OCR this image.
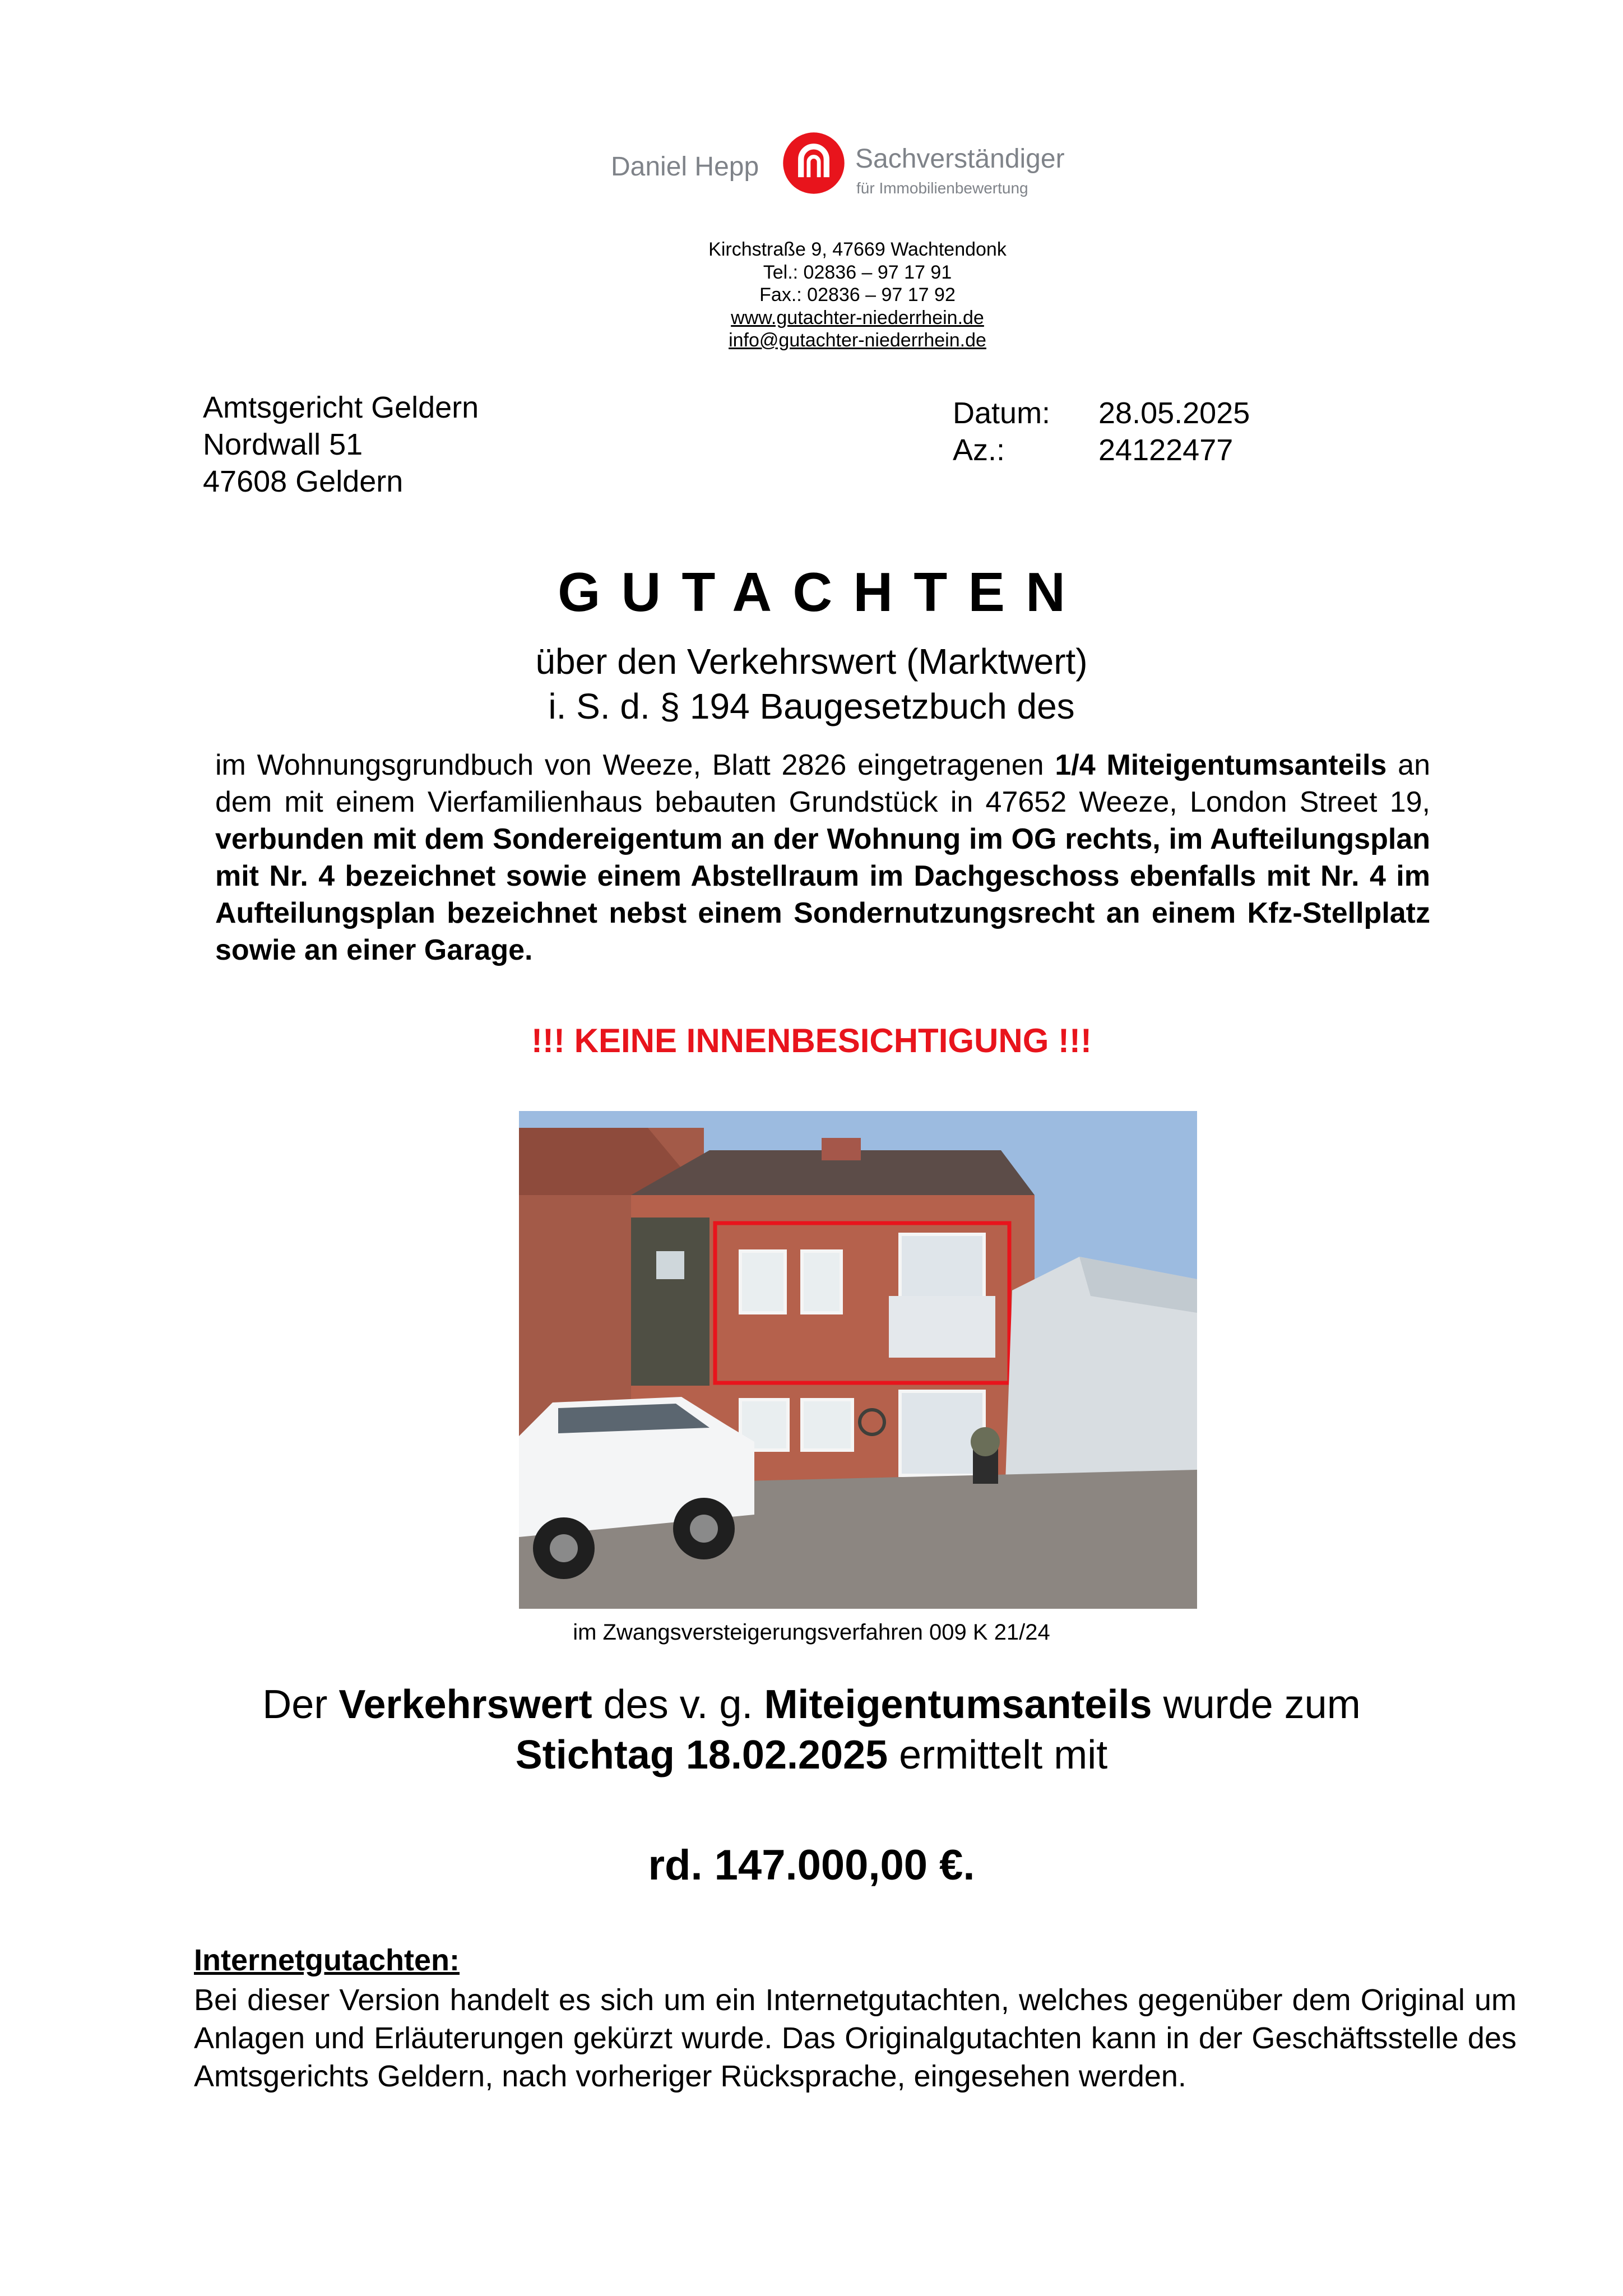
Daniel Hepp	Sachverständiger
für Immobilienbewertung
Kirchstraße 9, 47669 Wachtendonk
Tel.: 02836 – 97 17 91
Fax.: 02836 – 97 17 92
www.gutachter-niederrhein.de
info@gutachter-niederrhein.de
Amtsgericht Geldern
Nordwall 51
47608 Geldern
Datum:	28.05.2025
Az.:	24122477
GUTACHTEN
über den Verkehrswert (Marktwert)
i. S. d. § 194 Baugesetzbuch des
im Wohnungsgrundbuch von Weeze, Blatt 2826 eingetragenen 1/4 Miteigentumsanteils an dem mit einem Vierfamilienhaus bebauten Grundstück in 47652 Weeze, London Street 19, verbunden mit dem Sondereigentum an der Wohnung im OG rechts, im Aufteilungsplan mit Nr. 4 bezeichnet sowie einem Abstellraum im Dachgeschoss ebenfalls mit Nr. 4 im Aufteilungsplan bezeichnet nebst einem Sondernutzungsrecht an einem Kfz-Stellplatz sowie an einer Garage.
!!! KEINE INNENBESICHTIGUNG !!!
im Zwangsversteigerungsverfahren 009 K 21/24
Der Verkehrswert des v. g. Miteigentumsanteils wurde zum
Stichtag 18.02.2025 ermittelt mit
rd. 147.000,00 €.
Internetgutachten:
Bei dieser Version handelt es sich um ein Internetgutachten, welches gegenüber dem Original um Anlagen und Erläuterungen gekürzt wurde. Das Originalgutachten kann in der Geschäftsstelle des Amtsgerichts Geldern, nach vorheriger Rücksprache, eingesehen werden.
